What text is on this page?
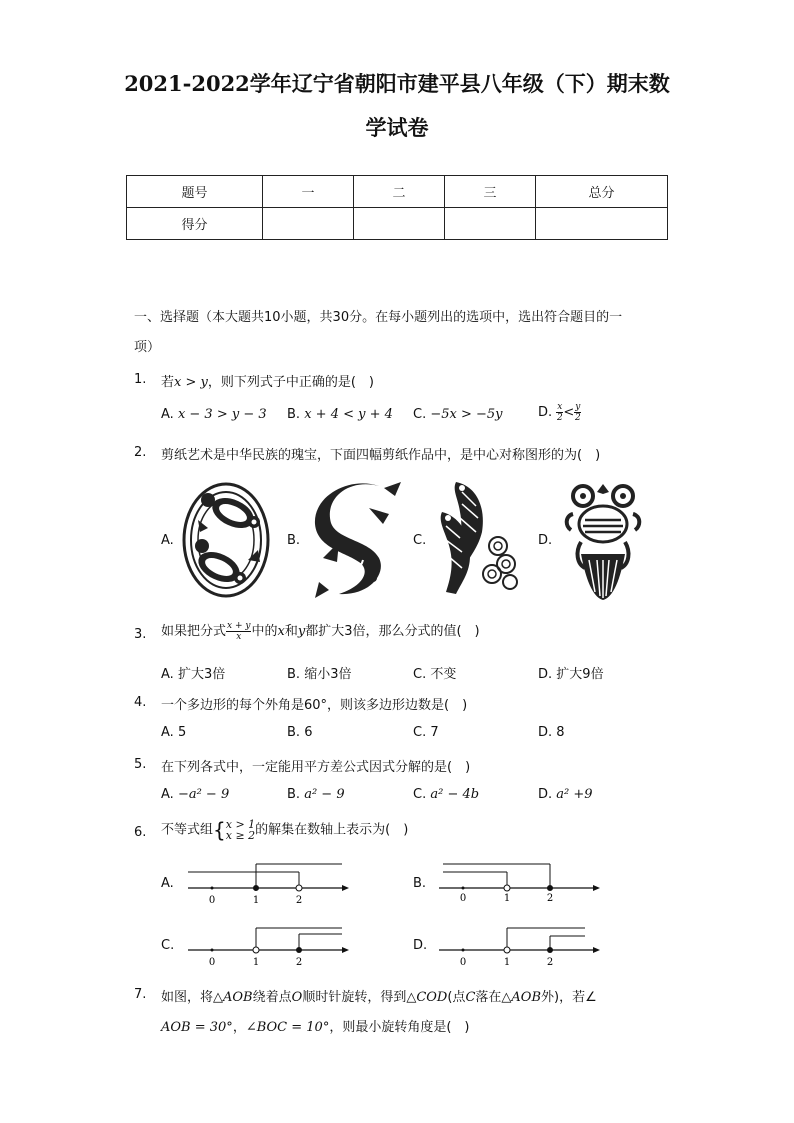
2021-2022学年辽宁省朝阳市建平县八年级（下）期末数
学试卷
题号	一	二	三	总分
得分				
一、选择题（本大题共10小题，共30分。在每小题列出的选项中，选出符合题目的一
项）
1. 若x > y，则下列式子中正确的是(　)
A. x − 3 > y − 3 B. x + 4 < y + 4 C. −5x > −5y	D. $\frac{x}{2} < \frac{y}{2}$
2. 剪纸艺术是中华民族的瑰宝，下面四幅剪纸作品中，是中心对称图形的为(　)
A.	B.	C.	D.
3. 如果把分式 $\frac{x + y}{x}$ 中的x和y都扩大3倍，那么分式的值(　)
A. 扩大3倍	B. 缩小3倍	C. 不变	D. 扩大9倍
4. 一个多边形的每个外角是60°，则该多边形边数是(　)
A. 5	B. 6	C. 7	D. 8
5. 在下列各式中，一定能用平方差公式因式分解的是(　)
A. −a² − 9	B. a² − 9	C. a² − 4b	D. a² +9
6. 不等式组{ x > 1
x ≥ 2 的解集在数轴上表示为(　)
A.	B.
C.	D.
0	1	2	0	1	2
0	1	2	0	1	2
7. 如图，将△AOB绕着点O顺时针旋转，得到△COD(点C落在△AOB外)，若∠
AOB = 30°，∠BOC = 10°，则最小旋转角度是(　)
